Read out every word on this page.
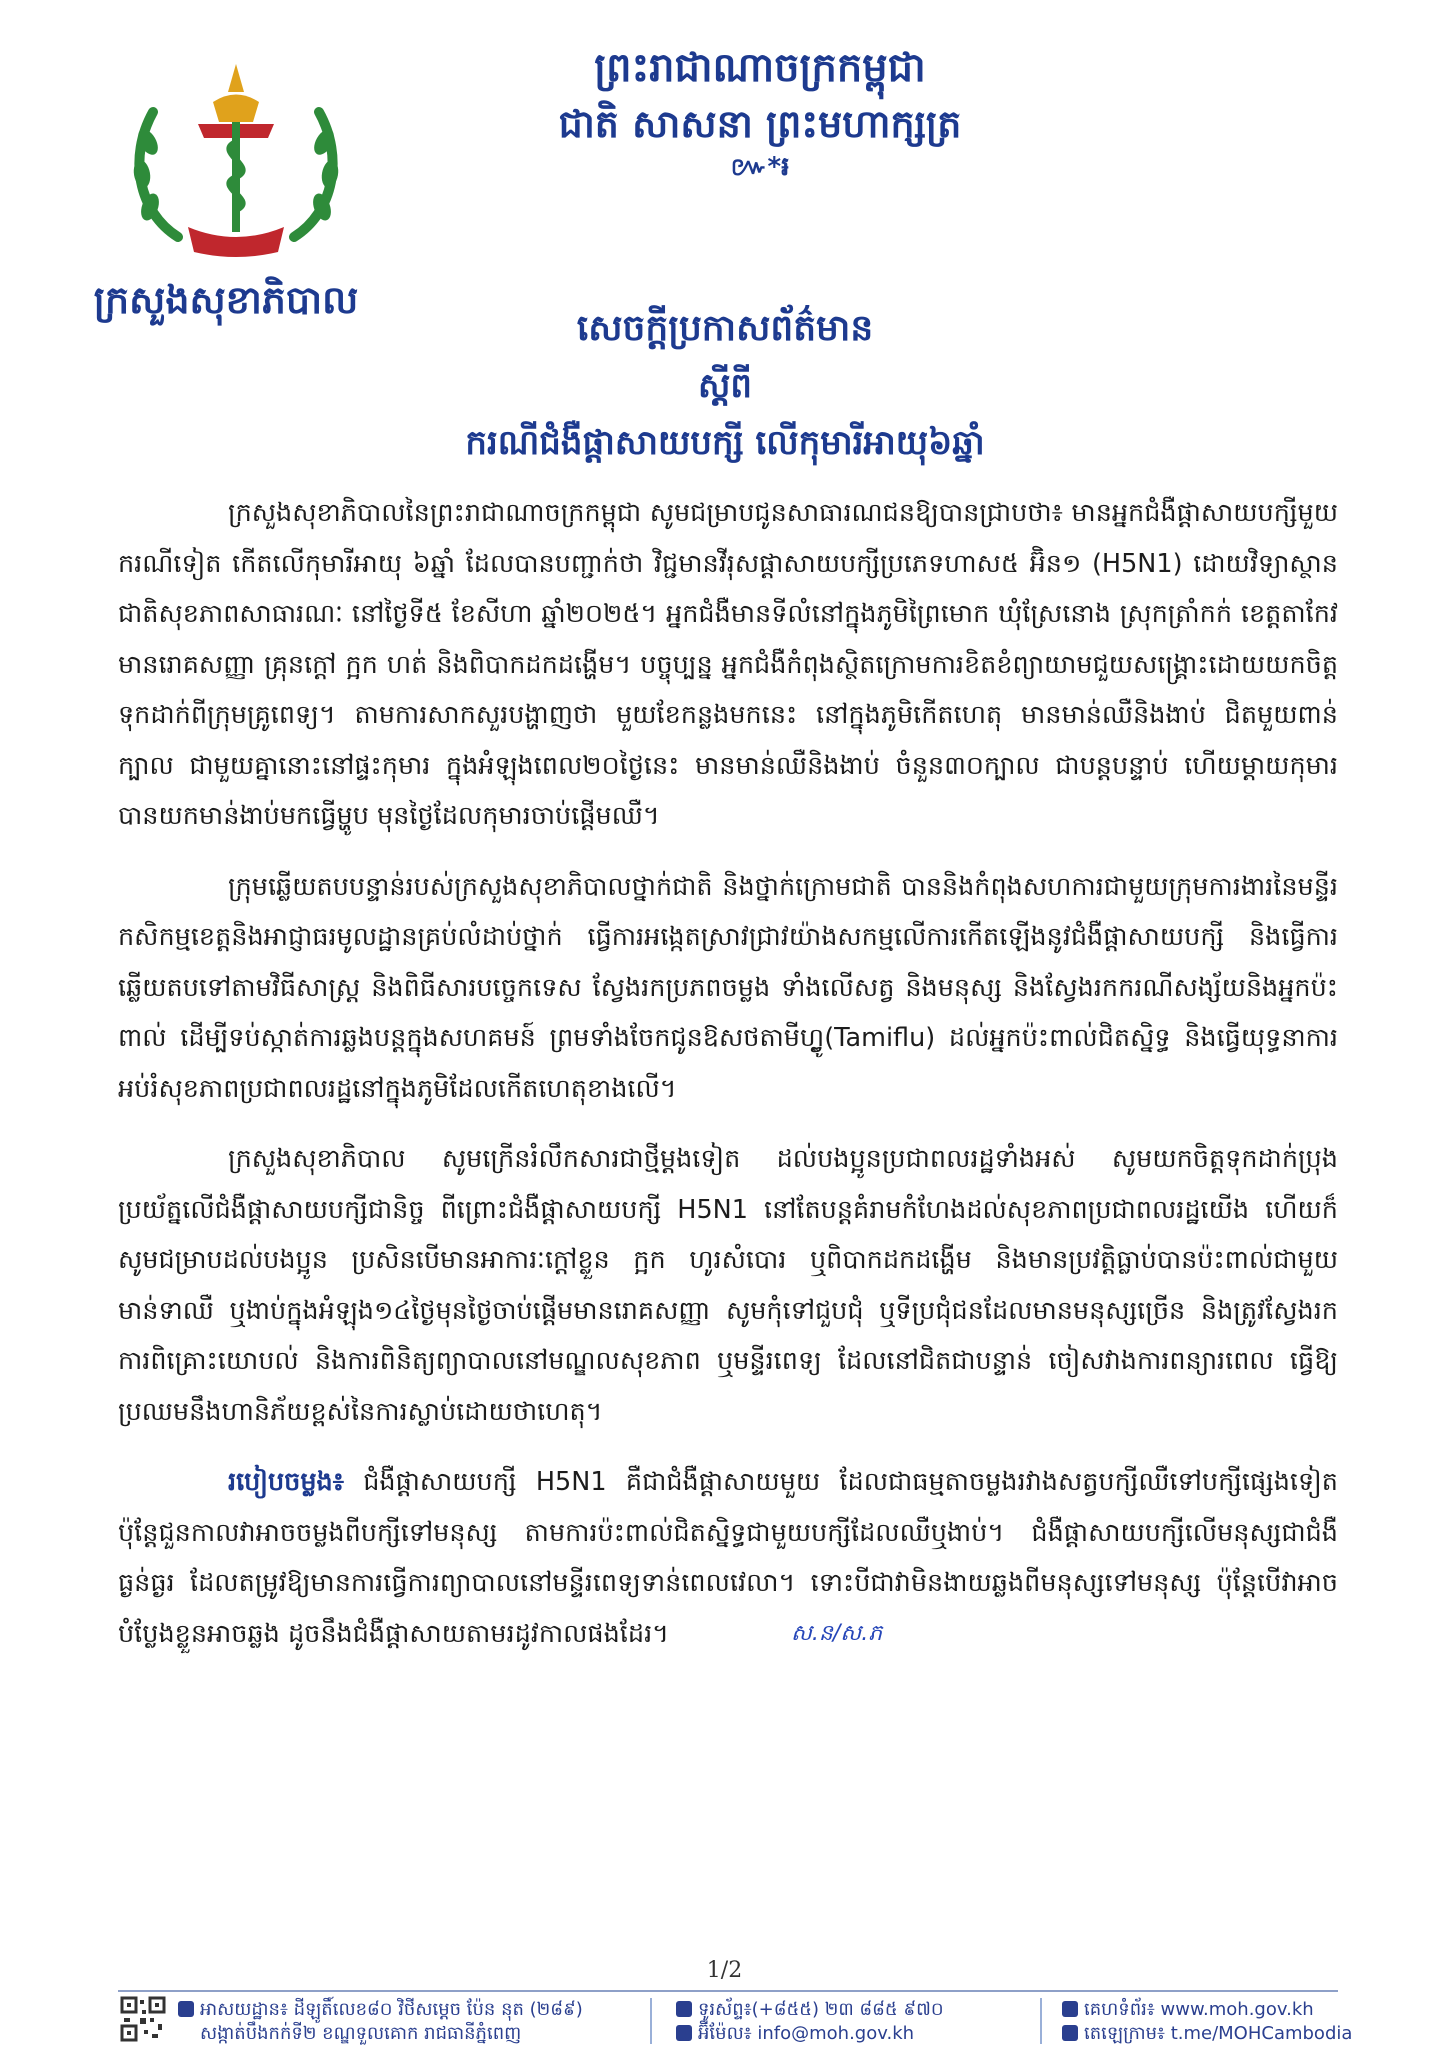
ក្រសួងសុខាភិបាល
ព្រះរាជាណាចក្រកម្ពុជា
ជាតិ សាសនា ព្រះមហាក្សត្រ
៚*៛
សេចក្ដីប្រកាសព័ត៌មាន
ស្ដីពី
ករណីជំងឺផ្ដាសាយបក្សី លើកុមារីអាយុ៦ឆ្នាំ

ក្រសួងសុខាភិបាលនៃព្រះរាជាណាចក្រកម្ពុជា សូមជម្រាបជូនសាធារណជនឱ្យបានជ្រាបថា៖ មានអ្នកជំងឺផ្ដាសាយបក្សីមួយករណីទៀត កើតលើកុមារីអាយុ ៦ឆ្នាំ ដែលបានបញ្ជាក់ថា វិជ្ជមានវីរុសផ្ដាសាយបក្សីប្រភេទហាស៥ អ៊ិន១ (H5N1) ដោយវិទ្យាស្ថានជាតិសុខភាពសាធារណៈ នៅថ្ងៃទី៥ ខែសីហា ឆ្នាំ២០២៥។ អ្នកជំងឺមានទីលំនៅក្នុងភូមិព្រៃមោក ឃុំស្រែនោង ស្រុកត្រាំកក់ ខេត្តតាកែវ មានរោគសញ្ញា គ្រុនក្ដៅ ក្អក ហត់ និងពិបាកដកដង្ហើម។ បច្ចុប្បន្ន អ្នកជំងឺកំពុងស្ថិតក្រោមការខិតខំព្យាយាមជួយសង្គ្រោះដោយយកចិត្តទុកដាក់ពីក្រុមគ្រូពេទ្យ។ តាមការសាកសួរបង្ហាញថា មួយខែកន្លងមកនេះ នៅក្នុងភូមិកើតហេតុ មានមាន់ឈឺនិងងាប់ ជិតមួយពាន់ក្បាល ជាមួយគ្នានោះនៅផ្ទះកុមារ ក្នុងអំឡុងពេល២០ថ្ងៃនេះ មានមាន់ឈឺនិងងាប់ ចំនួន៣០ក្បាល ជាបន្តបន្ទាប់ ហើយម្ដាយកុមារបានយកមាន់ងាប់មកធ្វើម្ហូប មុនថ្ងៃដែលកុមារចាប់ផ្ដើមឈឺ។

ក្រុមឆ្លើយតបបន្ទាន់របស់ក្រសួងសុខាភិបាលថ្នាក់ជាតិ និងថ្នាក់ក្រោមជាតិ បាននិងកំពុងសហការជាមួយក្រុមការងារនៃមន្ទីរកសិកម្មខេត្តនិងអាជ្ញាធរមូលដ្ឋានគ្រប់លំដាប់ថ្នាក់ ធ្វើការអង្កេតស្រាវជ្រាវយ៉ាងសកម្មលើការកើតឡើងនូវជំងឺផ្ដាសាយបក្សី និងធ្វើការឆ្លើយតបទៅតាមវិធីសាស្ត្រ និងពិធីសារបច្ចេកទេស ស្វែងរកប្រភពចម្លង ទាំងលើសត្វ និងមនុស្ស និងស្វែងរកករណីសង្ស័យនិងអ្នកប៉ះពាល់ ដើម្បីទប់ស្កាត់ការឆ្លងបន្តក្នុងសហគមន៍ ព្រមទាំងចែកជូនឱសថតាមីហ្វ្លូ(Tamiflu) ដល់អ្នកប៉ះពាល់ជិតស្និទ្ធ និងធ្វើយុទ្ធនាការអប់រំសុខភាពប្រជាពលរដ្ឋនៅក្នុងភូមិដែលកើតហេតុខាងលើ។

ក្រសួងសុខាភិបាល សូមក្រើនរំលឹកសារជាថ្មីម្ដងទៀត ដល់បងប្អូនប្រជាពលរដ្ឋទាំងអស់ សូមយកចិត្តទុកដាក់ប្រុងប្រយ័ត្នលើជំងឺផ្ដាសាយបក្សីជានិច្ច ពីព្រោះជំងឺផ្ដាសាយបក្សី H5N1 នៅតែបន្តគំរាមកំហែងដល់សុខភាពប្រជាពលរដ្ឋយើង ហើយក៏សូមជម្រាបដល់បងប្អូន ប្រសិនបើមានអាការៈក្ដៅខ្លួន ក្អក ហូរសំបោរ ឬពិបាកដកដង្ហើម និងមានប្រវត្តិធ្លាប់បានប៉ះពាល់ជាមួយមាន់ទាឈឺ ឬងាប់ក្នុងអំឡុង១៤ថ្ងៃមុនថ្ងៃចាប់ផ្ដើមមានរោគសញ្ញា សូមកុំទៅជួបជុំ ឬទីប្រជុំជនដែលមានមនុស្សច្រើន និងត្រូវស្វែងរកការពិគ្រោះយោបល់ និងការពិនិត្យព្យាបាលនៅមណ្ឌលសុខភាព ឬមន្ទីរពេទ្យ ដែលនៅជិតជាបន្ទាន់ ចៀសវាងការពន្យារពេល ធ្វើឱ្យប្រឈមនឹងហានិភ័យខ្ពស់នៃការស្លាប់ដោយថាហេតុ។

របៀបចម្លង៖ ជំងឺផ្ដាសាយបក្សី H5N1 គឺជាជំងឺផ្ដាសាយមួយ ដែលជាធម្មតាចម្លងរវាងសត្វបក្សីឈឺទៅបក្សីផ្សេងទៀត ប៉ុន្តែជួនកាលវាអាចចម្លងពីបក្សីទៅមនុស្ស តាមការប៉ះពាល់ជិតស្និទ្ធជាមួយបក្សីដែលឈឺឬងាប់។ ជំងឺផ្ដាសាយបក្សីលើមនុស្សជាជំងឺធ្ងន់ធ្ងរ ដែលតម្រូវឱ្យមានការធ្វើការព្យាបាលនៅមន្ទីរពេទ្យទាន់ពេលវេលា។ ទោះបីជាវាមិនងាយឆ្លងពីមនុស្សទៅមនុស្ស ប៉ុន្តែបើវាអាចបំប្លែងខ្លួនអាចឆ្លង ដូចនឹងជំងឺផ្ដាសាយតាមរដូវកាលផងដែរ។	ស.ន/ស.ភ

1/2
អាសយដ្ឋាន៖ ដីឡូតិ៍លេខ៨០ វិថីសម្ដេច ប៉ែន នុត (២៨៩)
សង្កាត់បឹងកក់ទី២ ខណ្ឌទួលគោក រាជធានីភ្នំពេញ
ទូរស័ព្ទ៖(+៨៥៥) ២៣ ៨៨៥ ៩៧០
អ៊ីម៉ែល៖ info@moh.gov.kh
គេហទំព័រ៖ www.moh.gov.kh
តេឡេក្រាម៖ t.me/MOHCambodia
